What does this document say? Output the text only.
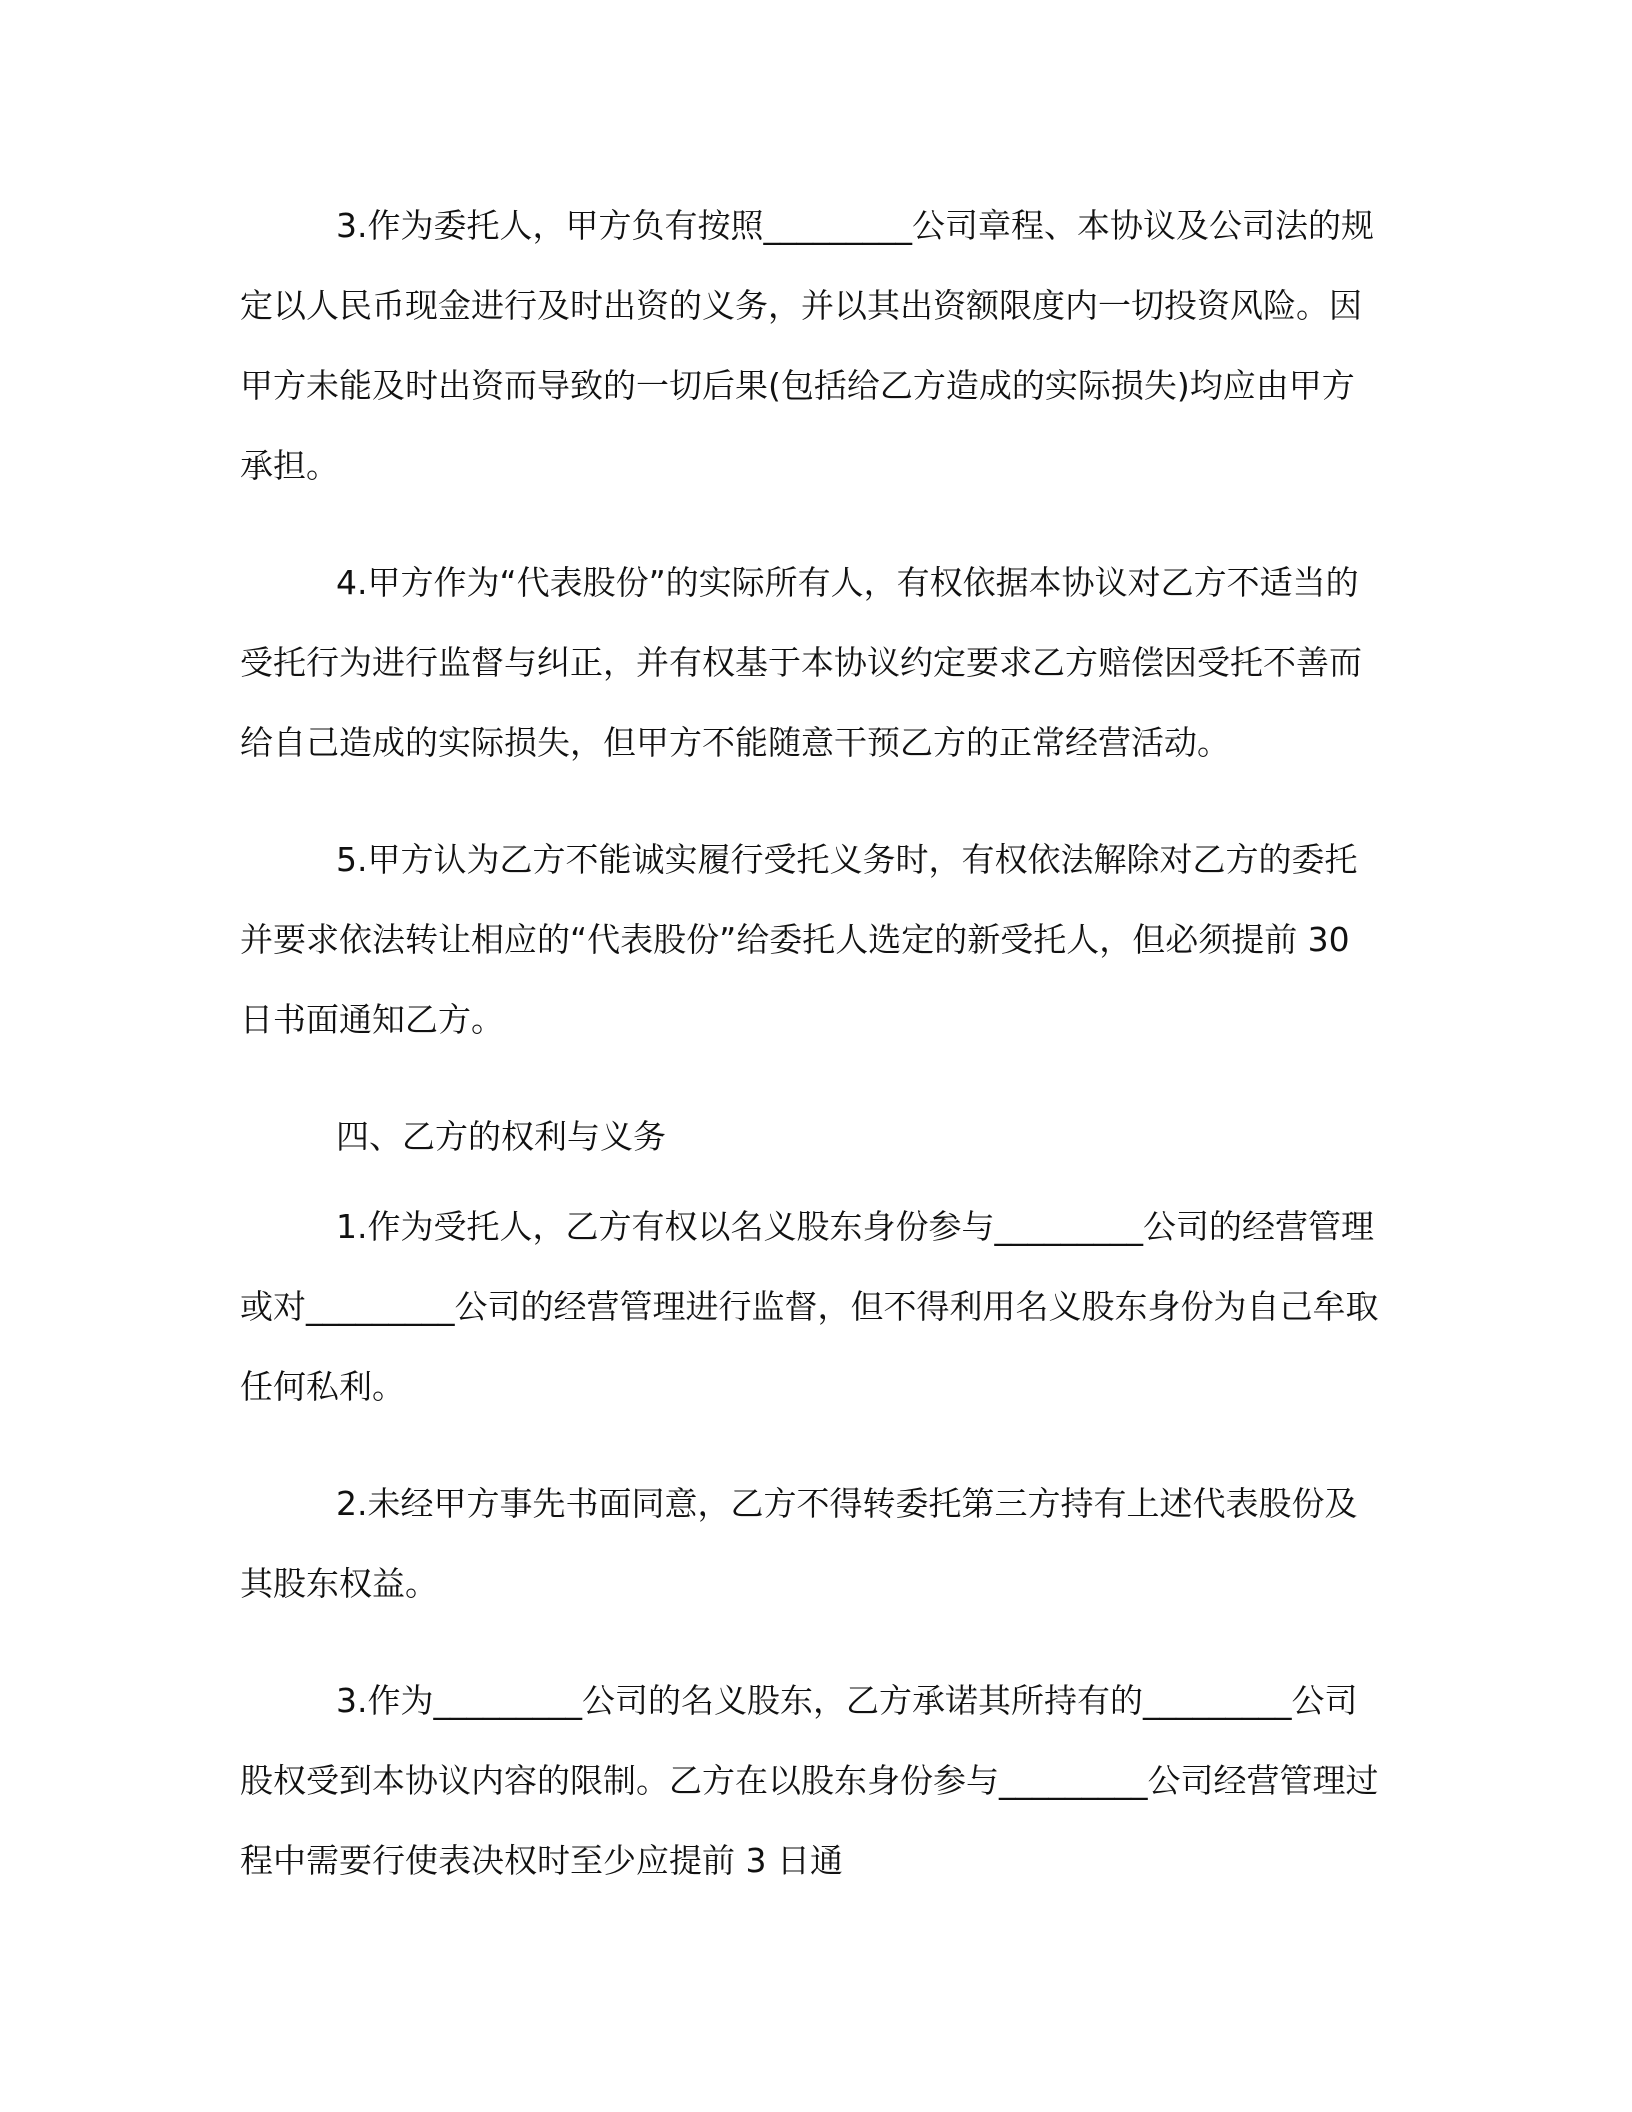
3.作为委托人，甲方负有按照_________公司章程、本协议及公司法的规定以人民币现金进行及时出资的义务，并以其出资额限度内一切投资风险。因甲方未能及时出资而导致的一切后果(包括给乙方造成的实际损失)均应由甲方承担。

4.甲方作为“代表股份”的实际所有人，有权依据本协议对乙方不适当的受托行为进行监督与纠正，并有权基于本协议约定要求乙方赔偿因受托不善而给自己造成的实际损失，但甲方不能随意干预乙方的正常经营活动。

5.甲方认为乙方不能诚实履行受托义务时，有权依法解除对乙方的委托并要求依法转让相应的“代表股份”给委托人选定的新受托人，但必须提前 30 日书面通知乙方。

四、乙方的权利与义务

1.作为受托人，乙方有权以名义股东身份参与_________公司的经营管理或对_________公司的经营管理进行监督，但不得利用名义股东身份为自己牟取任何私利。

2.未经甲方事先书面同意，乙方不得转委托第三方持有上述代表股份及其股东权益。

3.作为_________公司的名义股东，乙方承诺其所持有的_________公司股权受到本协议内容的限制。乙方在以股东身份参与_________公司经营管理过程中需要行使表决权时至少应提前 3 日通
